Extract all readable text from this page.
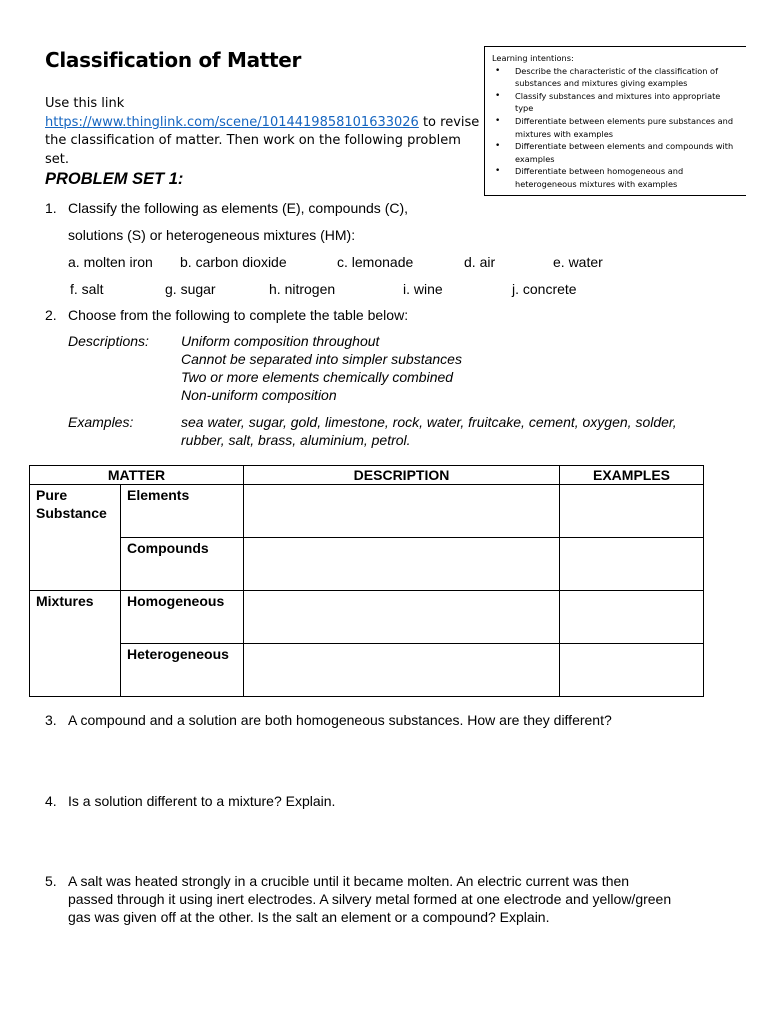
Classification of Matter
Use this link
https://www.thinglink.com/scene/1014419858101633026 to revise
the classification of matter. Then work on the following problem set.
Learning intentions:
• Describe the characteristic of the classification of substances and mixtures giving examples
• Classify substances and mixtures into appropriate type
• Differentiate between elements pure substances and mixtures with examples
• Differentiate between elements and compounds with examples
• Differentiate between homogeneous and heterogeneous mixtures with examples
PROBLEM SET 1:
1. Classify the following as elements (E), compounds (C),
solutions (S) or heterogeneous mixtures (HM):
a. molten iron b. carbon dioxide	c. lemonade	d. air	e. water
f. salt	g. sugar	h. nitrogen	i. wine	j. concrete
2. Choose from the following to complete the table below:
Descriptions: Uniform composition throughout
Cannot be separated into simpler substances
Two or more elements chemically combined
Non-uniform composition
Examples:	sea water, sugar, gold, limestone, rock, water, fruitcake, cement, oxygen, solder,
rubber, salt, brass, aluminium, petrol.
MATTER		DESCRIPTION	EXAMPLES
Pure Substance	Elements		
	Compounds		
Mixtures	Homogeneous		
	Heterogeneous		
3. A compound and a solution are both homogeneous substances. How are they different?
4. Is a solution different to a mixture? Explain.
5. A salt was heated strongly in a crucible until it became molten. An electric current was then
passed through it using inert electrodes. A silvery metal formed at one electrode and yellow/green
gas was given off at the other. Is the salt an element or a compound? Explain.
